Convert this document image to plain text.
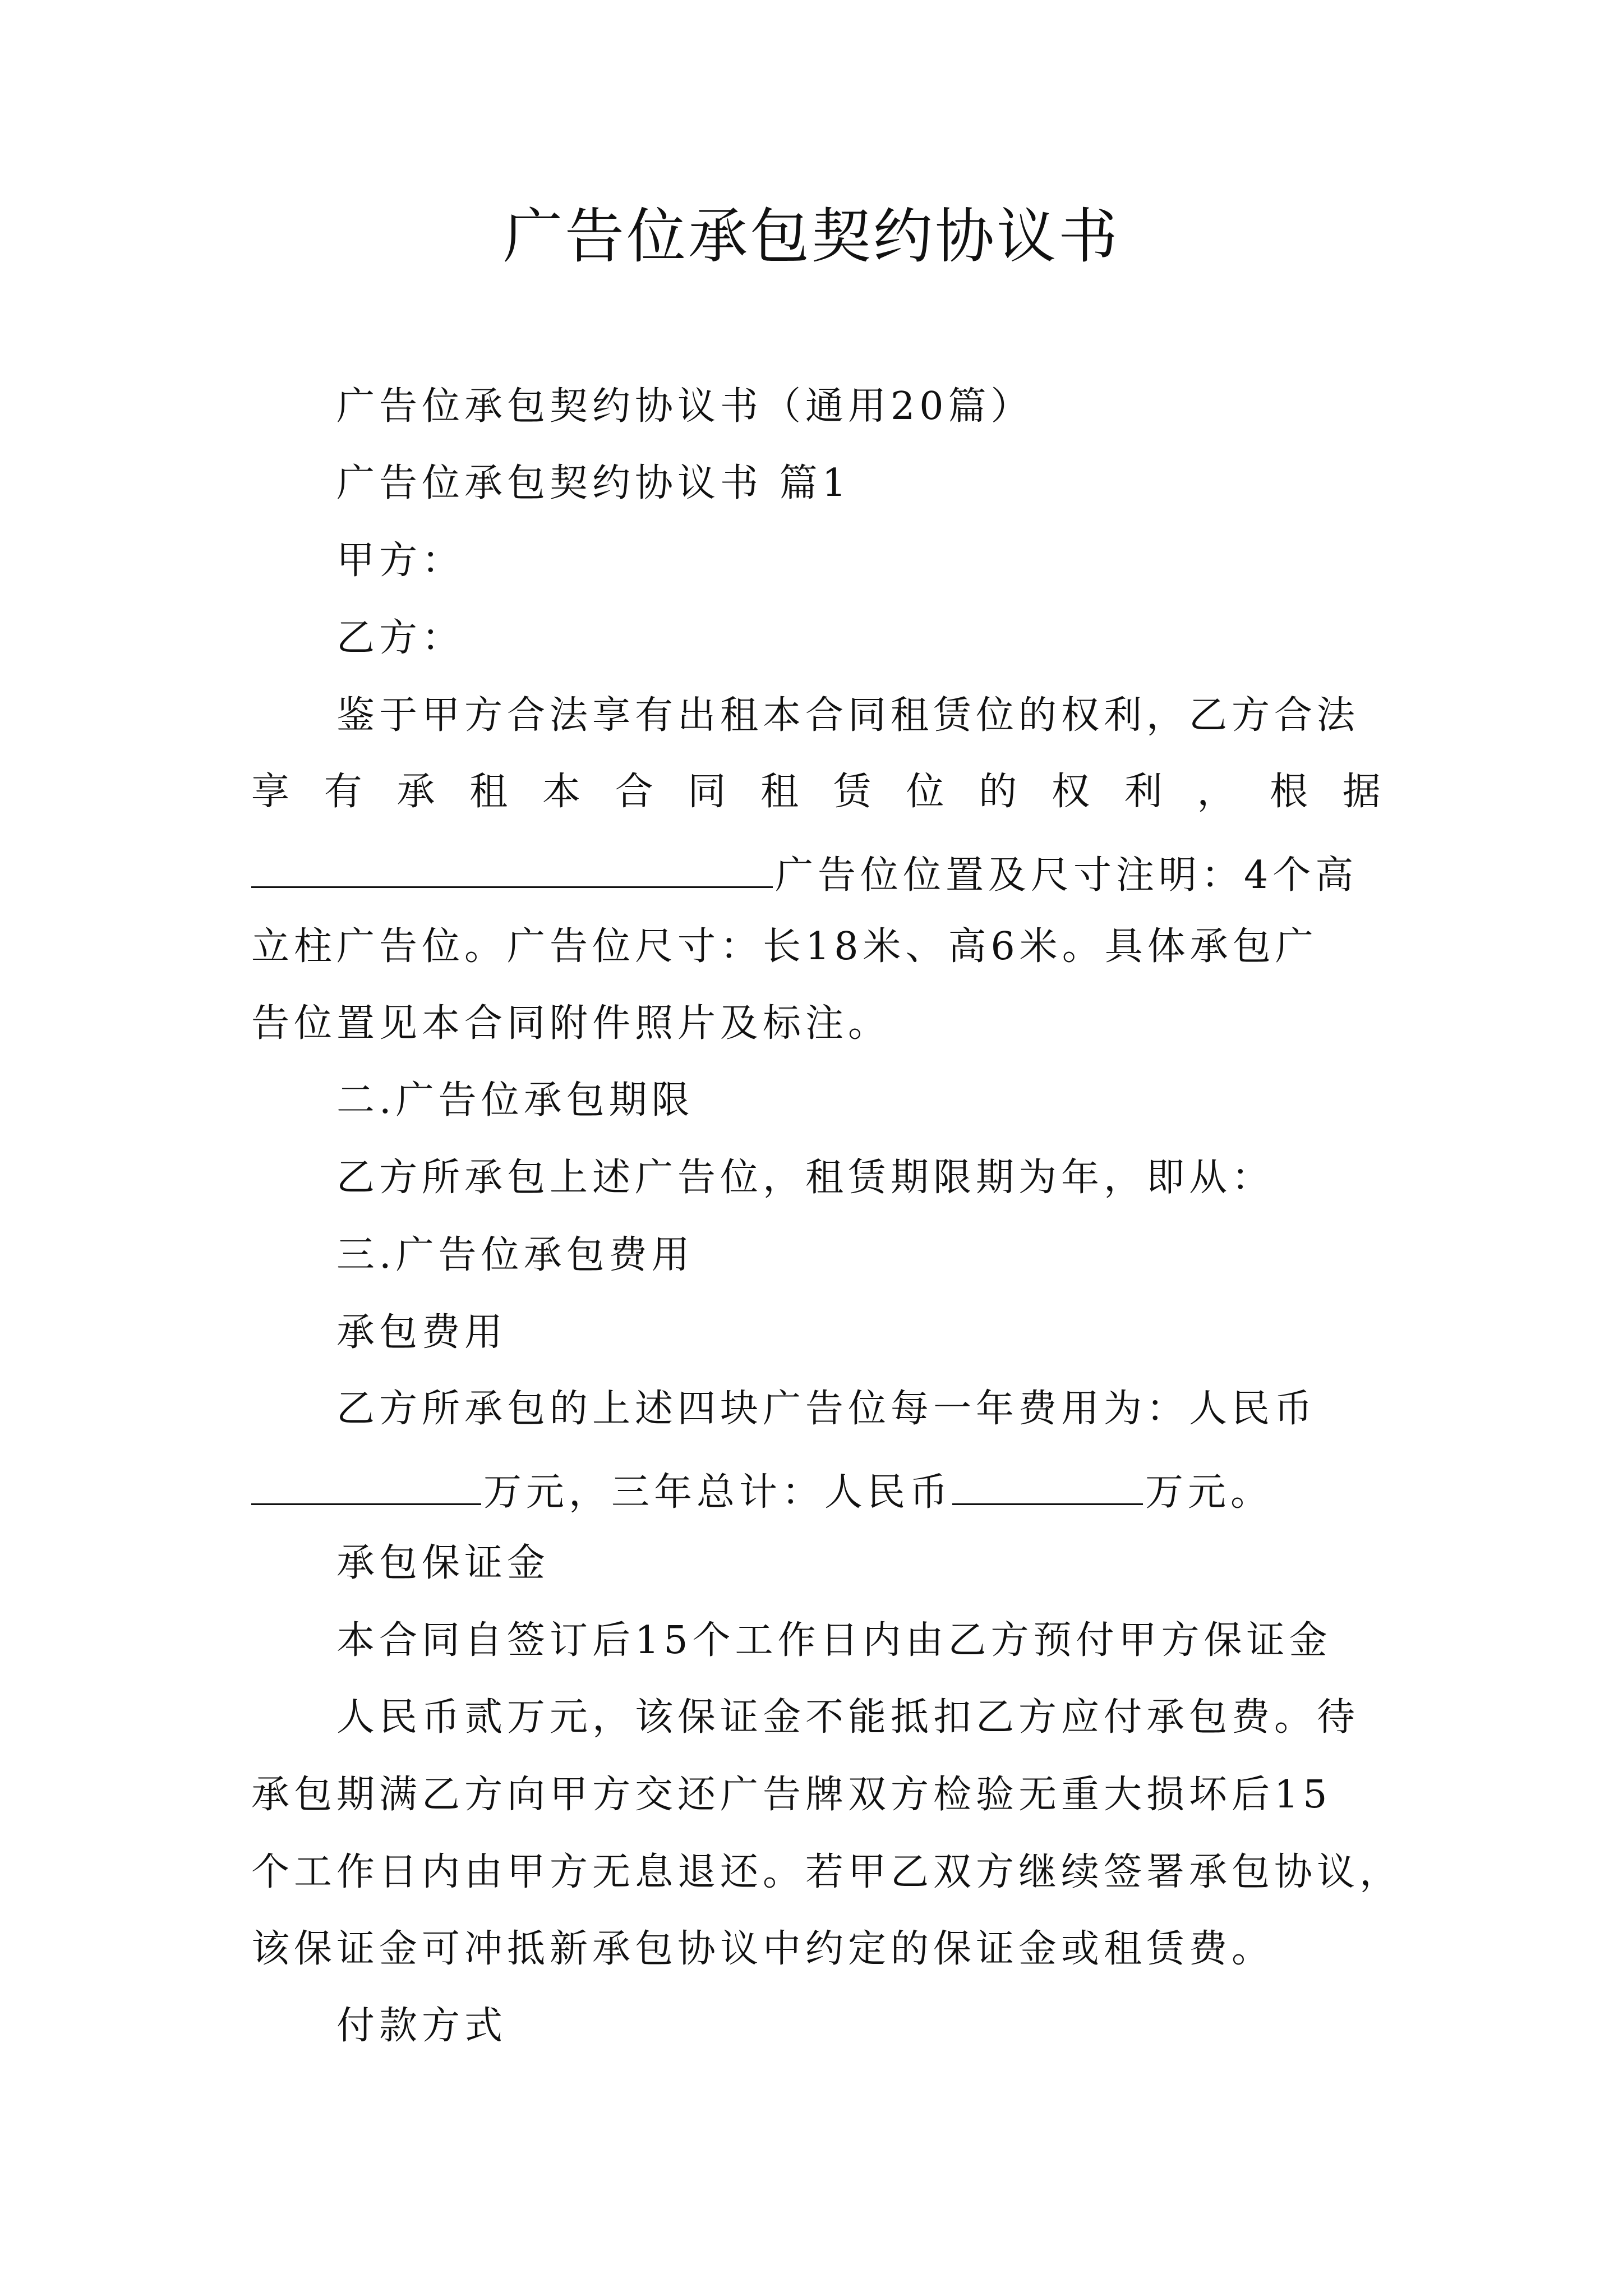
广告位承包契约协议书
广告位承包契约协议书（通用20篇）
广告位承包契约协议书 篇1
甲方：
乙方：
鉴于甲方合法享有出租本合同租赁位的权利，乙方合法
享 有 承 租 本 合 同 租 赁 位 的 权 利 ， 根 据
广告位位置及尺寸注明：4个高
立柱广告位。广告位尺寸：长18米、高6米。具体承包广
告位置见本合同附件照片及标注。
二.广告位承包期限
乙方所承包上述广告位，租赁期限期为年，即从：
三.广告位承包费用
承包费用
乙方所承包的上述四块广告位每一年费用为：人民币
万元，三年总计：人民币	万元。
承包保证金
本合同自签订后15个工作日内由乙方预付甲方保证金
人民币贰万元，该保证金不能抵扣乙方应付承包费。待
承包期满乙方向甲方交还广告牌双方检验无重大损坏后15
个工作日内由甲方无息退还。若甲乙双方继续签署承包协议，
该保证金可冲抵新承包协议中约定的保证金或租赁费。
付款方式
